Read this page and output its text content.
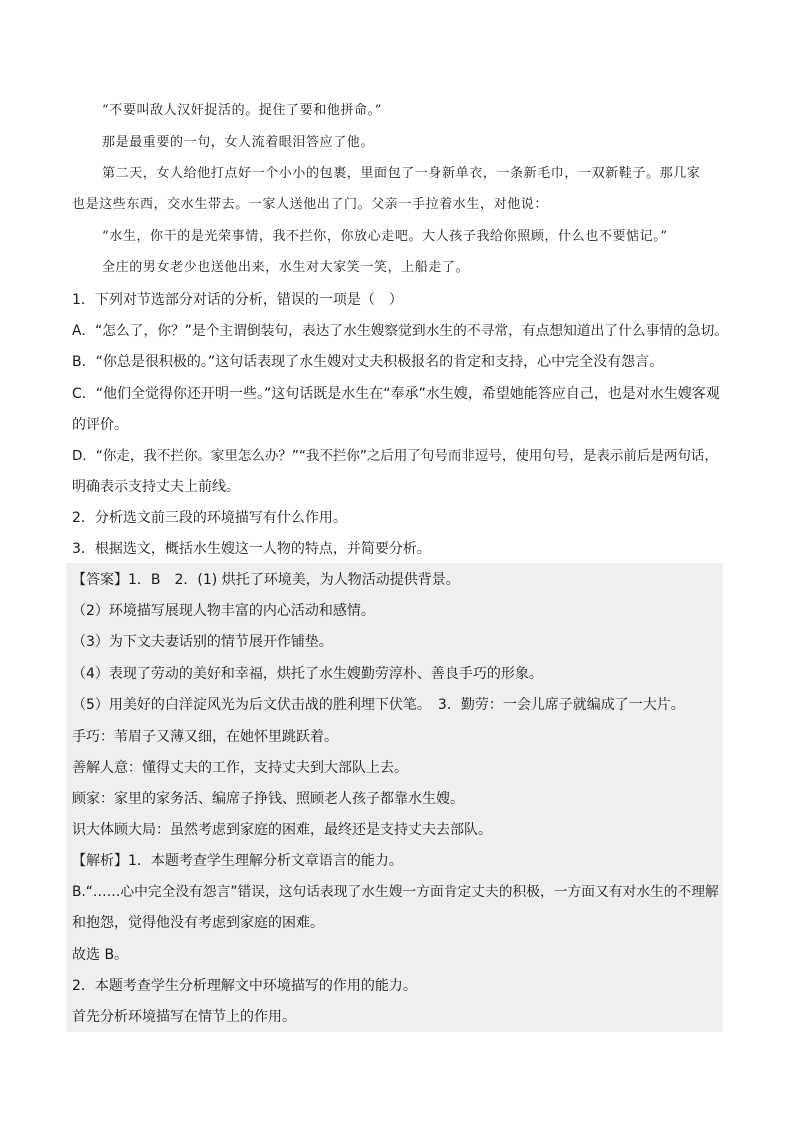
“不要叫敌人汉奸捉活的。捉住了要和他拼命。”
那是最重要的一句，女人流着眼泪答应了他。
第二天，女人给他打点好一个小小的包裹，里面包了一身新单衣，一条新毛巾，一双新鞋子。那几家
也是这些东西，交水生带去。一家人送他出了门。父亲一手拉着水生，对他说：
“水生，你干的是光荣事情，我不拦你，你放心走吧。大人孩子我给你照顾，什么也不要惦记。”
全庄的男女老少也送他出来，水生对大家笑一笑，上船走了。
1．下列对节选部分对话的分析，错误的一项是（　）
A．“怎么了，你？”是个主谓倒装句，表达了水生嫂察觉到水生的不寻常，有点想知道出了什么事情的急切。
B．“你总是很积极的。”这句话表现了水生嫂对丈夫积极报名的肯定和支持，心中完全没有怨言。
C．“他们全觉得你还开明一些。”这句话既是水生在“奉承”水生嫂，希望她能答应自己，也是对水生嫂客观
的评价。
D．“你走，我不拦你。家里怎么办？”“我不拦你”之后用了句号而非逗号，使用句号，是表示前后是两句话，
明确表示支持丈夫上前线。
2．分析选文前三段的环境描写有什么作用。
3．根据选文，概括水生嫂这一人物的特点，并简要分析。
【答案】1．B　2．(1) 烘托了环境美，为人物活动提供背景。
（2）环境描写展现人物丰富的内心活动和感情。
（3）为下文夫妻话别的情节展开作铺垫。
（4）表现了劳动的美好和幸福，烘托了水生嫂勤劳淳朴、善良手巧的形象。
（5）用美好的白洋淀风光为后文伏击战的胜利埋下伏笔。　3．勤劳：一会儿席子就编成了一大片。
手巧：苇眉子又薄又细，在她怀里跳跃着。
善解人意：懂得丈夫的工作，支持丈夫到大部队上去。
顾家：家里的家务活、编席子挣钱、照顾老人孩子都靠水生嫂。
识大体顾大局：虽然考虑到家庭的困难，最终还是支持丈夫去部队。
【解析】1．本题考查学生理解分析文章语言的能力。
B.“……心中完全没有怨言”错误，这句话表现了水生嫂一方面肯定丈夫的积极，一方面又有对水生的不理解
和抱怨，觉得他没有考虑到家庭的困难。
故选 B。
2．本题考查学生分析理解文中环境描写的作用的能力。
首先分析环境描写在情节上的作用。
